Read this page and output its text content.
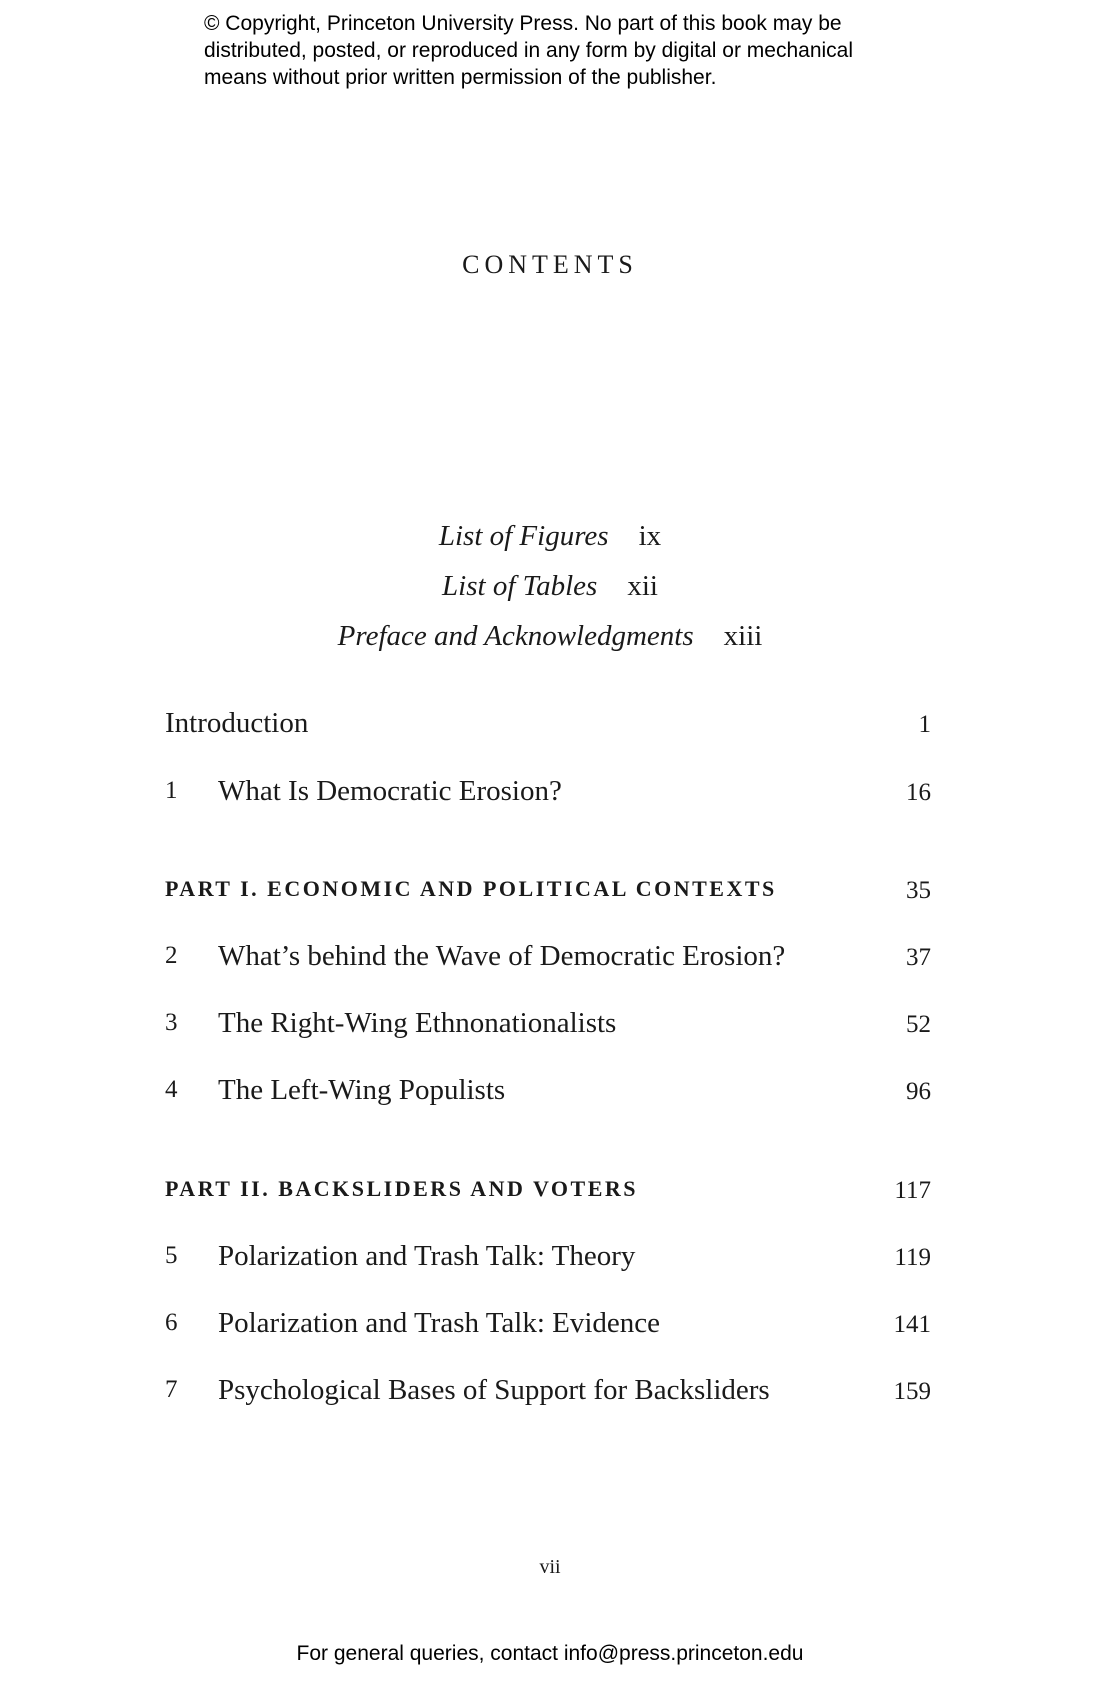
© Copyright, Princeton University Press. No part of this book may be
distributed, posted, or reproduced in any form by digital or mechanical
means without prior written permission of the publisher.
CONTENTS
List of Figures ix
List of Tables xii
Preface and Acknowledgments xiii
Introduction	1
1 What Is Democratic Erosion?	16
PART I. ECONOMIC AND POLITICAL CONTEXTS	35
2 What’s behind the Wave of Democratic Erosion?	37
3 The Right-Wing Ethnonationalists	52
4 The Left-Wing Populists	96
PART II. BACKSLIDERS AND VOTERS	117
5 Polarization and Trash Talk: Theory	119
6 Polarization and Trash Talk: Evidence	141
7 Psychological Bases of Support for Backsliders	159
vii
For general queries, contact info@press.princeton.edu
